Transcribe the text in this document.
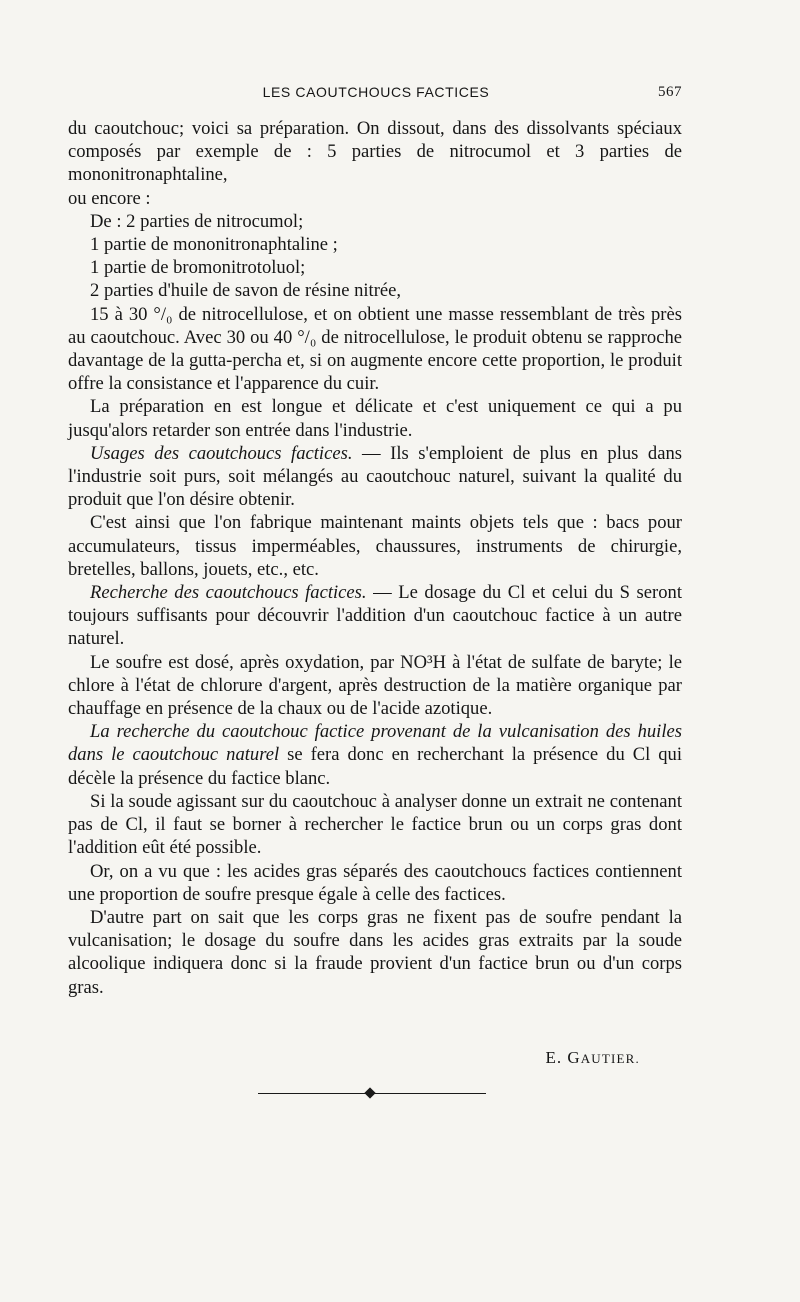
LES CAOUTCHOUCS FACTICES	567

du caoutchouc; voici sa préparation. On dissout, dans des dissolvants spéciaux composés par exemple de : 5 parties de nitrocumol et 3 parties de mononitronaphtaline,

ou encore :

De : 2 parties de nitrocumol;

1 partie de mononitronaphtaline ;

1 partie de bromonitrotoluol;

2 parties d'huile de savon de résine nitrée,

15 à 30 °/₀ de nitrocellulose, et on obtient une masse ressemblant de très près au caoutchouc. Avec 30 ou 40 °/₀ de nitrocellulose, le produit obtenu se rapproche davantage de la gutta-percha et, si on augmente encore cette proportion, le produit offre la consistance et l'apparence du cuir.

La préparation en est longue et délicate et c'est uniquement ce qui a pu jusqu'alors retarder son entrée dans l'industrie.

Usages des caoutchoucs factices. — Ils s'emploient de plus en plus dans l'industrie soit purs, soit mélangés au caoutchouc naturel, suivant la qualité du produit que l'on désire obtenir.

C'est ainsi que l'on fabrique maintenant maints objets tels que : bacs pour accumulateurs, tissus imperméables, chaussures, instruments de chirurgie, bretelles, ballons, jouets, etc., etc.

Recherche des caoutchoucs factices. — Le dosage du Cl et celui du S seront toujours suffisants pour découvrir l'addition d'un caoutchouc factice à un autre naturel.

Le soufre est dosé, après oxydation, par NO³H à l'état de sulfate de baryte; le chlore à l'état de chlorure d'argent, après destruction de la matière organique par chauffage en présence de la chaux ou de l'acide azotique.

La recherche du caoutchouc factice provenant de la vulcanisation des huiles dans le caoutchouc naturel se fera donc en recherchant la présence du Cl qui décèle la présence du factice blanc.

Si la soude agissant sur du caoutchouc à analyser donne un extrait ne contenant pas de Cl, il faut se borner à rechercher le factice brun ou un corps gras dont l'addition eût été possible.

Or, on a vu que : les acides gras séparés des caoutchoucs factices contiennent une proportion de soufre presque égale à celle des factices.

D'autre part on sait que les corps gras ne fixent pas de soufre pendant la vulcanisation; le dosage du soufre dans les acides gras extraits par la soude alcoolique indiquera donc si la fraude provient d'un factice brun ou d'un corps gras.

E. GAUTIER.
